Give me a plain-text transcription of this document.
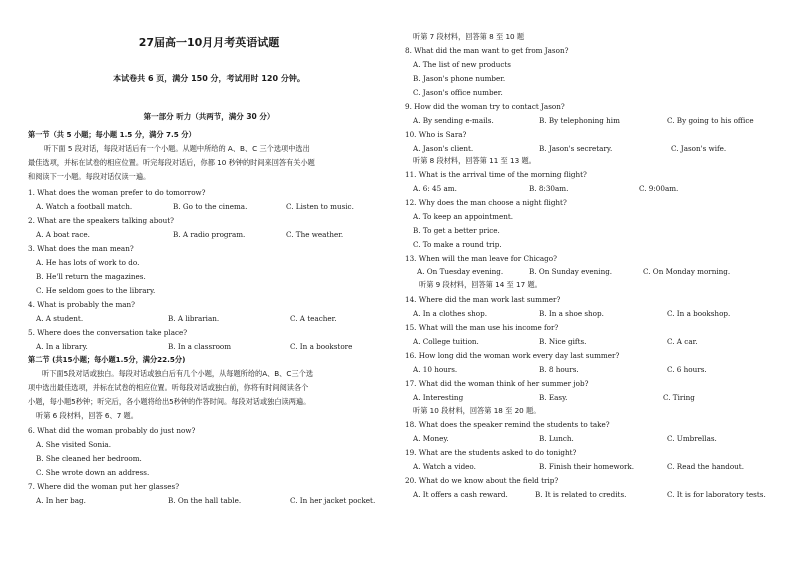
27届高一10月月考英语试题
本试卷共 6 页，满分 150 分，考试用时 120 分钟。
第一部分 听力（共两节，满分 30 分）
第一节（共 5 小题；每小题 1.5 分，满分 7.5 分）
听下面 5 段对话，每段对话后有一个小题。从题中所给的 A、B、C 三个选项中选出
最佳选项，并标在试卷的相应位置。听完每段对话后，你都 10 秒钟的时间来回答有关小题
和阅读下一小题。每段对话仅读一遍。
1. What does the woman prefer to do tomorrow?
A. Watch a football match.	B. Go to the cinema.	C. Listen to music.
2. What are the speakers talking about?
A. A boat race.	B. A radio program.	C. The weather.
3. What does the man mean?
A. He has lots of work to do.
B. He'll return the magazines.
C. He seldom goes to the library.
4. What is probably the man?
A. A student.	B. A librarian.	C. A teacher.
5. Where does the conversation take place?
A. In a library.	B. In a classroom	C. In a bookstore
第二节 (共15小题；每小题1.5分，满分22.5分)
听下面5段对话或独白。每段对话或独白后有几个小题，从每题所给的A、B、C三个选
项中选出最佳选项，并标在试卷的相应位置。听每段对话或独白前，你将有时间阅读各个
小题，每小题5秒钟；听完后，各小题将给出5秒钟的作答时间。每段对话或独白读两遍。
听第 6 段材料，回答 6、7 题。
6. What did the woman probably do just now?
A. She visited Sonia.
B. She cleaned her bedroom.
C. She wrote down an address.
7. Where did the woman put her glasses?
A. In her bag.	B. On the hall table.	C. In her jacket pocket.
听第 7 段材料，回答第 8 至 10 题
8. What did the man want to get from Jason?
A. The list of new products
B. Jason's phone number.
C. Jason's office number.
9. How did the woman try to contact Jason?
A. By sending e-mails.	B. By telephoning him	C. By going to his office
10. Who is Sara?
A. Jason's client.	B. Jason's secretary.	C. Jason's wife.
听第 8 段材料，回答第 11 至 13 题。
11. What is the arrival time of the morning flight?
A. 6: 45 am.	B. 8:30am.	C. 9:00am.
12. Why does the man choose a night flight?
A. To keep an appointment.
B. To get a better price.
C. To make a round trip.
13. When will the man leave for Chicago?
A. On Tuesday evening.	B. On Sunday evening.	C. On Monday morning.
听第 9 段材料，回答第 14 至 17 题。
14. Where did the man work last summer?
A. In a clothes shop.	B. In a shoe shop.	C. In a bookshop.
15. What will the man use his income for?
A. College tuition.	B. Nice gifts.	C. A car.
16. How long did the woman work every day last summer?
A. 10 hours.	B. 8 hours.	C. 6 hours.
17. What did the woman think of her summer job?
A. Interesting	B. Easy.	C. Tiring
听第 10 段材料，回答第 18 至 20 题。
18. What does the speaker remind the students to take?
A. Money.	B. Lunch.	C. Umbrellas.
19. What are the students asked to do tonight?
A. Watch a video.	B. Finish their homework.	C. Read the handout.
20. What do we know about the field trip?
A. It offers a cash reward.	B. It is related to credits.	C. It is for laboratory tests.
